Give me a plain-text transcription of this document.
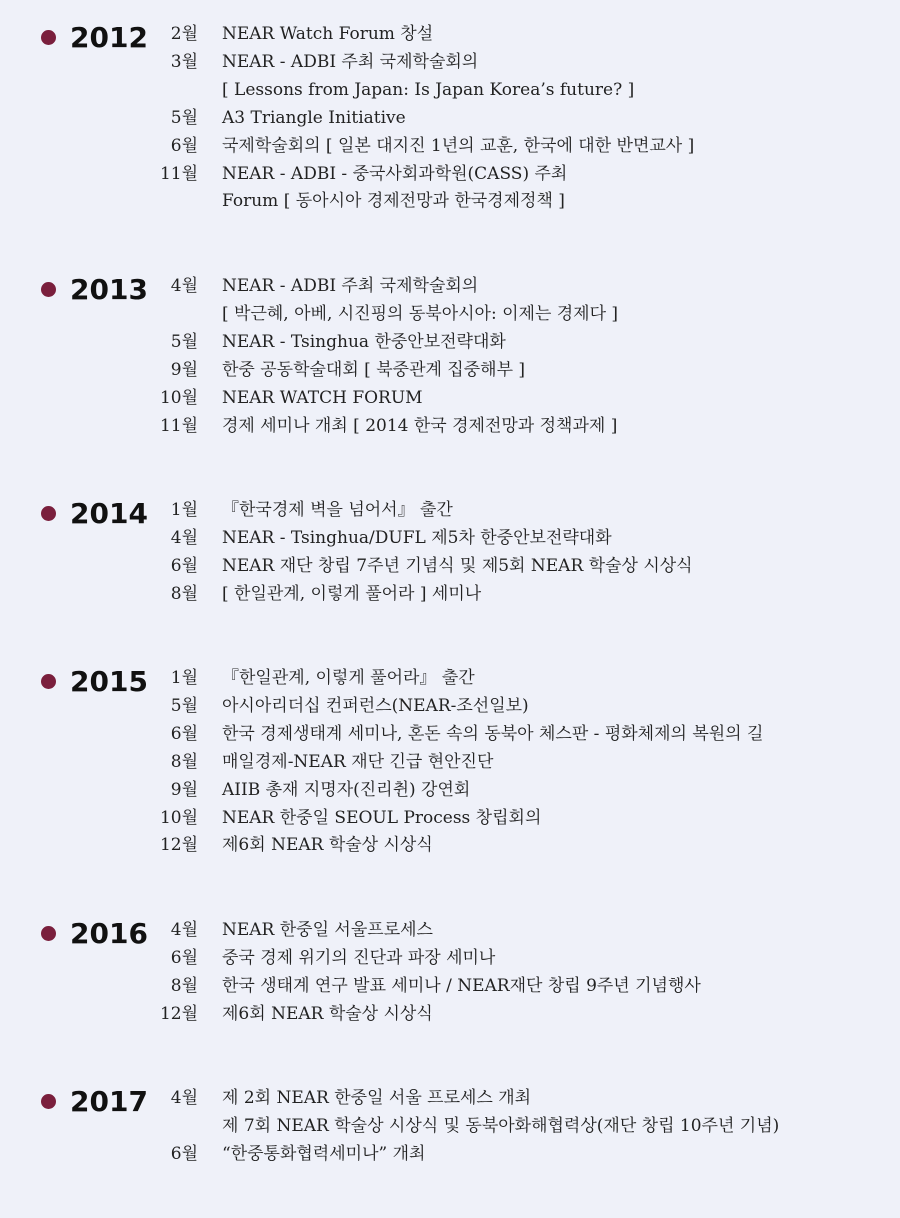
2012 2월 NEAR Watch Forum 창설
3월 NEAR - ADBI 주최 국제학술회의
[ Lessons from Japan: Is Japan Korea’s future? ]
5월 A3 Triangle Initiative
6월 국제학술회의 [ 일본 대지진 1년의 교훈, 한국에 대한 반면교사 ]
11월 NEAR - ADBI - 중국사회과학원(CASS) 주최
Forum [ 동아시아 경제전망과 한국경제정책 ]
2013 4월 NEAR - ADBI 주최 국제학술회의
[ 박근혜, 아베, 시진핑의 동북아시아: 이제는 경제다 ]
5월 NEAR - Tsinghua 한중안보전략대화
9월 한중 공동학술대회 [ 북중관계 집중해부 ]
10월 NEAR WATCH FORUM
11월 경제 세미나 개최 [ 2014 한국 경제전망과 정책과제 ]
2014 1월 『한국경제 벽을 넘어서』 출간
4월 NEAR - Tsinghua/DUFL 제5차 한중안보전략대화
6월 NEAR 재단 창립 7주년 기념식 및 제5회 NEAR 학술상 시상식
8월 [ 한일관계, 이렇게 풀어라 ] 세미나
2015 1월 『한일관계, 이렇게 풀어라』 출간
5월 아시아리더십 컨퍼런스(NEAR-조선일보)
6월 한국 경제생태계 세미나, 혼돈 속의 동북아 체스판 - 평화체제의 복원의 길
8월 매일경제-NEAR 재단 긴급 현안진단
9월 AIIB 총재 지명자(진리췬) 강연회
10월 NEAR 한중일 SEOUL Process 창립회의
12월 제6회 NEAR 학술상 시상식
2016 4월 NEAR 한중일 서울프로세스
6월 중국 경제 위기의 진단과 파장 세미나
8월 한국 생태계 연구 발표 세미나 / NEAR재단 창립 9주년 기념행사
12월 제6회 NEAR 학술상 시상식
2017 4월 제 2회 NEAR 한중일 서울 프로세스 개최
제 7회 NEAR 학술상 시상식 및 동북아화해협력상(재단 창립 10주년 기념)
6월 “한중통화협력세미나” 개최
